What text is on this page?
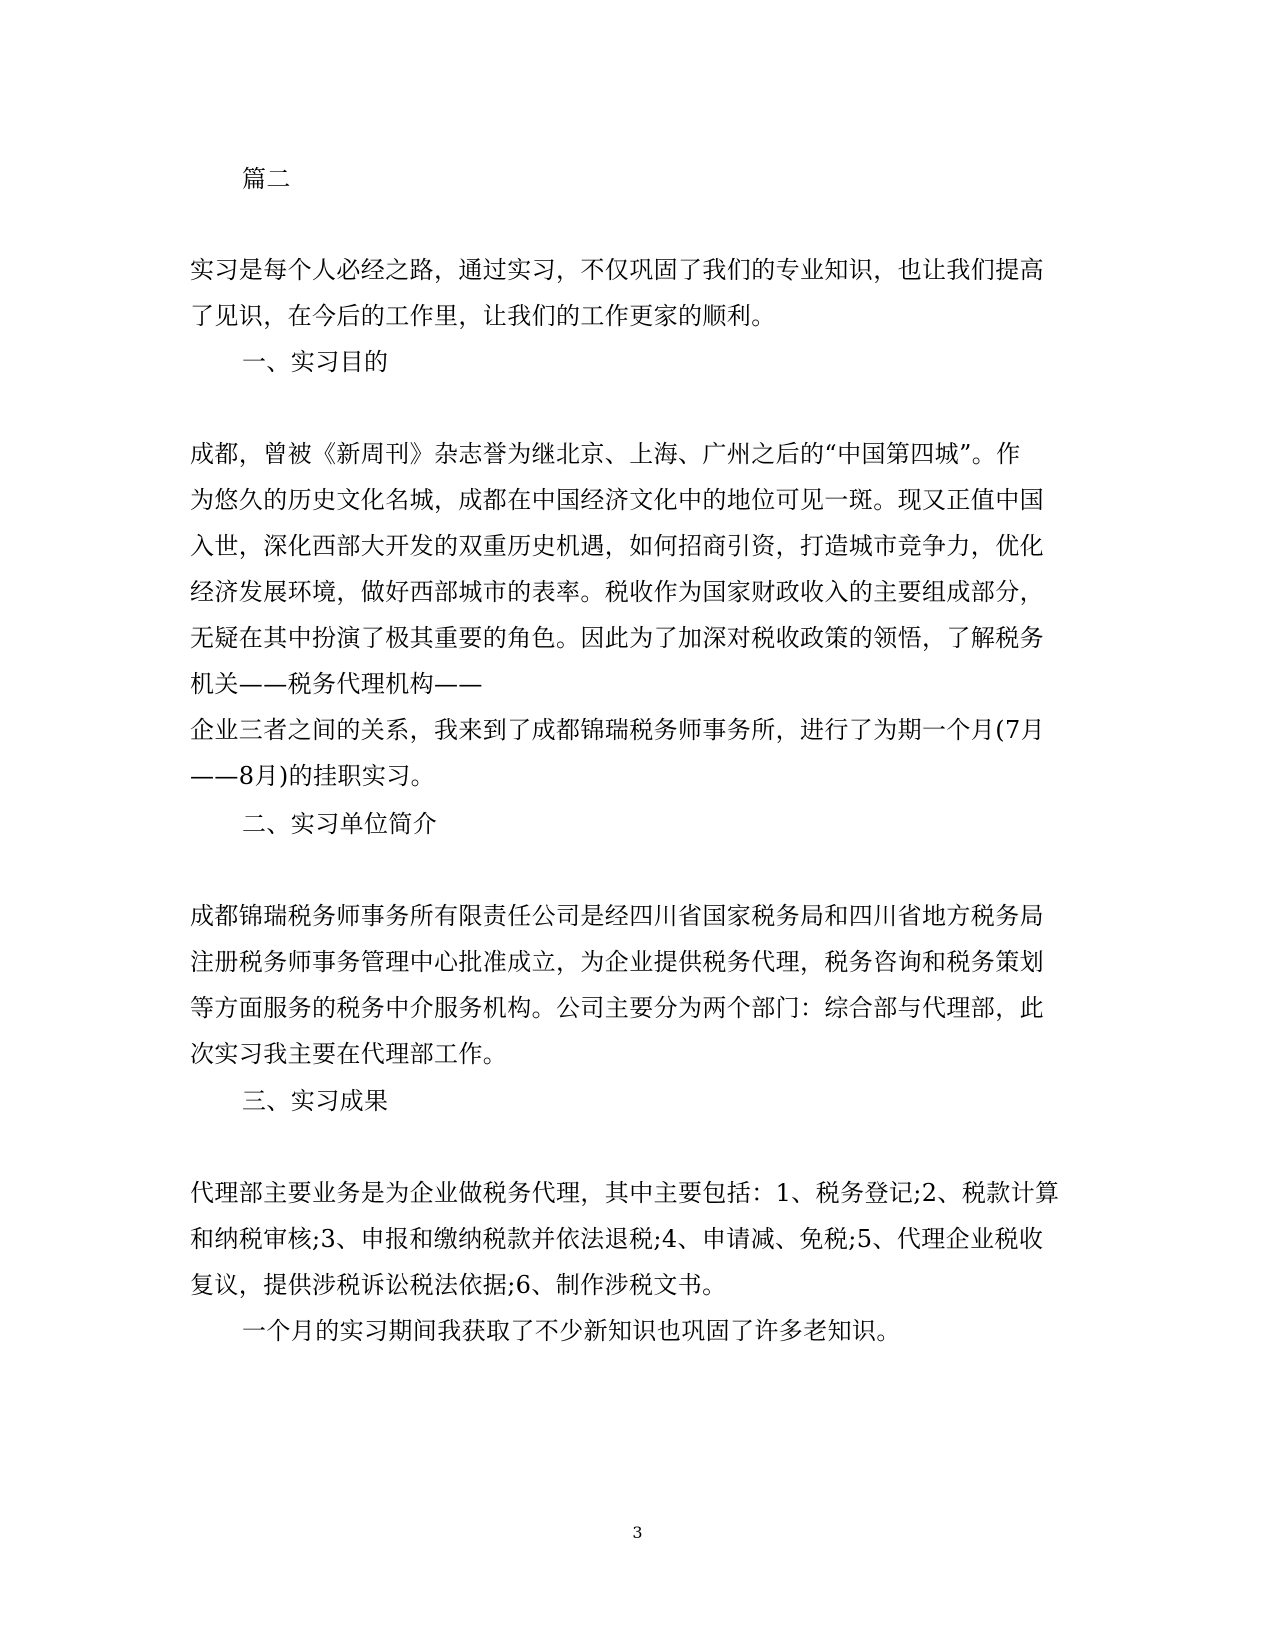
篇二
实习是每个人必经之路，通过实习，不仅巩固了我们的专业知识，也让我们提高
了见识，在今后的工作里，让我们的工作更家的顺利。
一、实习目的
成都，曾被《新周刊》杂志誉为继北京、上海、广州之后的“中国第四城”。作
为悠久的历史文化名城，成都在中国经济文化中的地位可见一斑。现又正值中国
入世，深化西部大开发的双重历史机遇，如何招商引资，打造城市竞争力，优化
经济发展环境，做好西部城市的表率。税收作为国家财政收入的主要组成部分，
无疑在其中扮演了极其重要的角色。因此为了加深对税收政策的领悟，了解税务
机关——税务代理机构——
企业三者之间的关系，我来到了成都锦瑞税务师事务所，进行了为期一个月(7月
——8月)的挂职实习。
二、实习单位简介
成都锦瑞税务师事务所有限责任公司是经四川省国家税务局和四川省地方税务局
注册税务师事务管理中心批准成立，为企业提供税务代理，税务咨询和税务策划
等方面服务的税务中介服务机构。公司主要分为两个部门：综合部与代理部，此
次实习我主要在代理部工作。
三、实习成果
代理部主要业务是为企业做税务代理，其中主要包括：1、税务登记;2、税款计算
和纳税审核;3、申报和缴纳税款并依法退税;4、申请减、免税;5、代理企业税收
复议，提供涉税诉讼税法依据;6、制作涉税文书。
一个月的实习期间我获取了不少新知识也巩固了许多老知识。
3
